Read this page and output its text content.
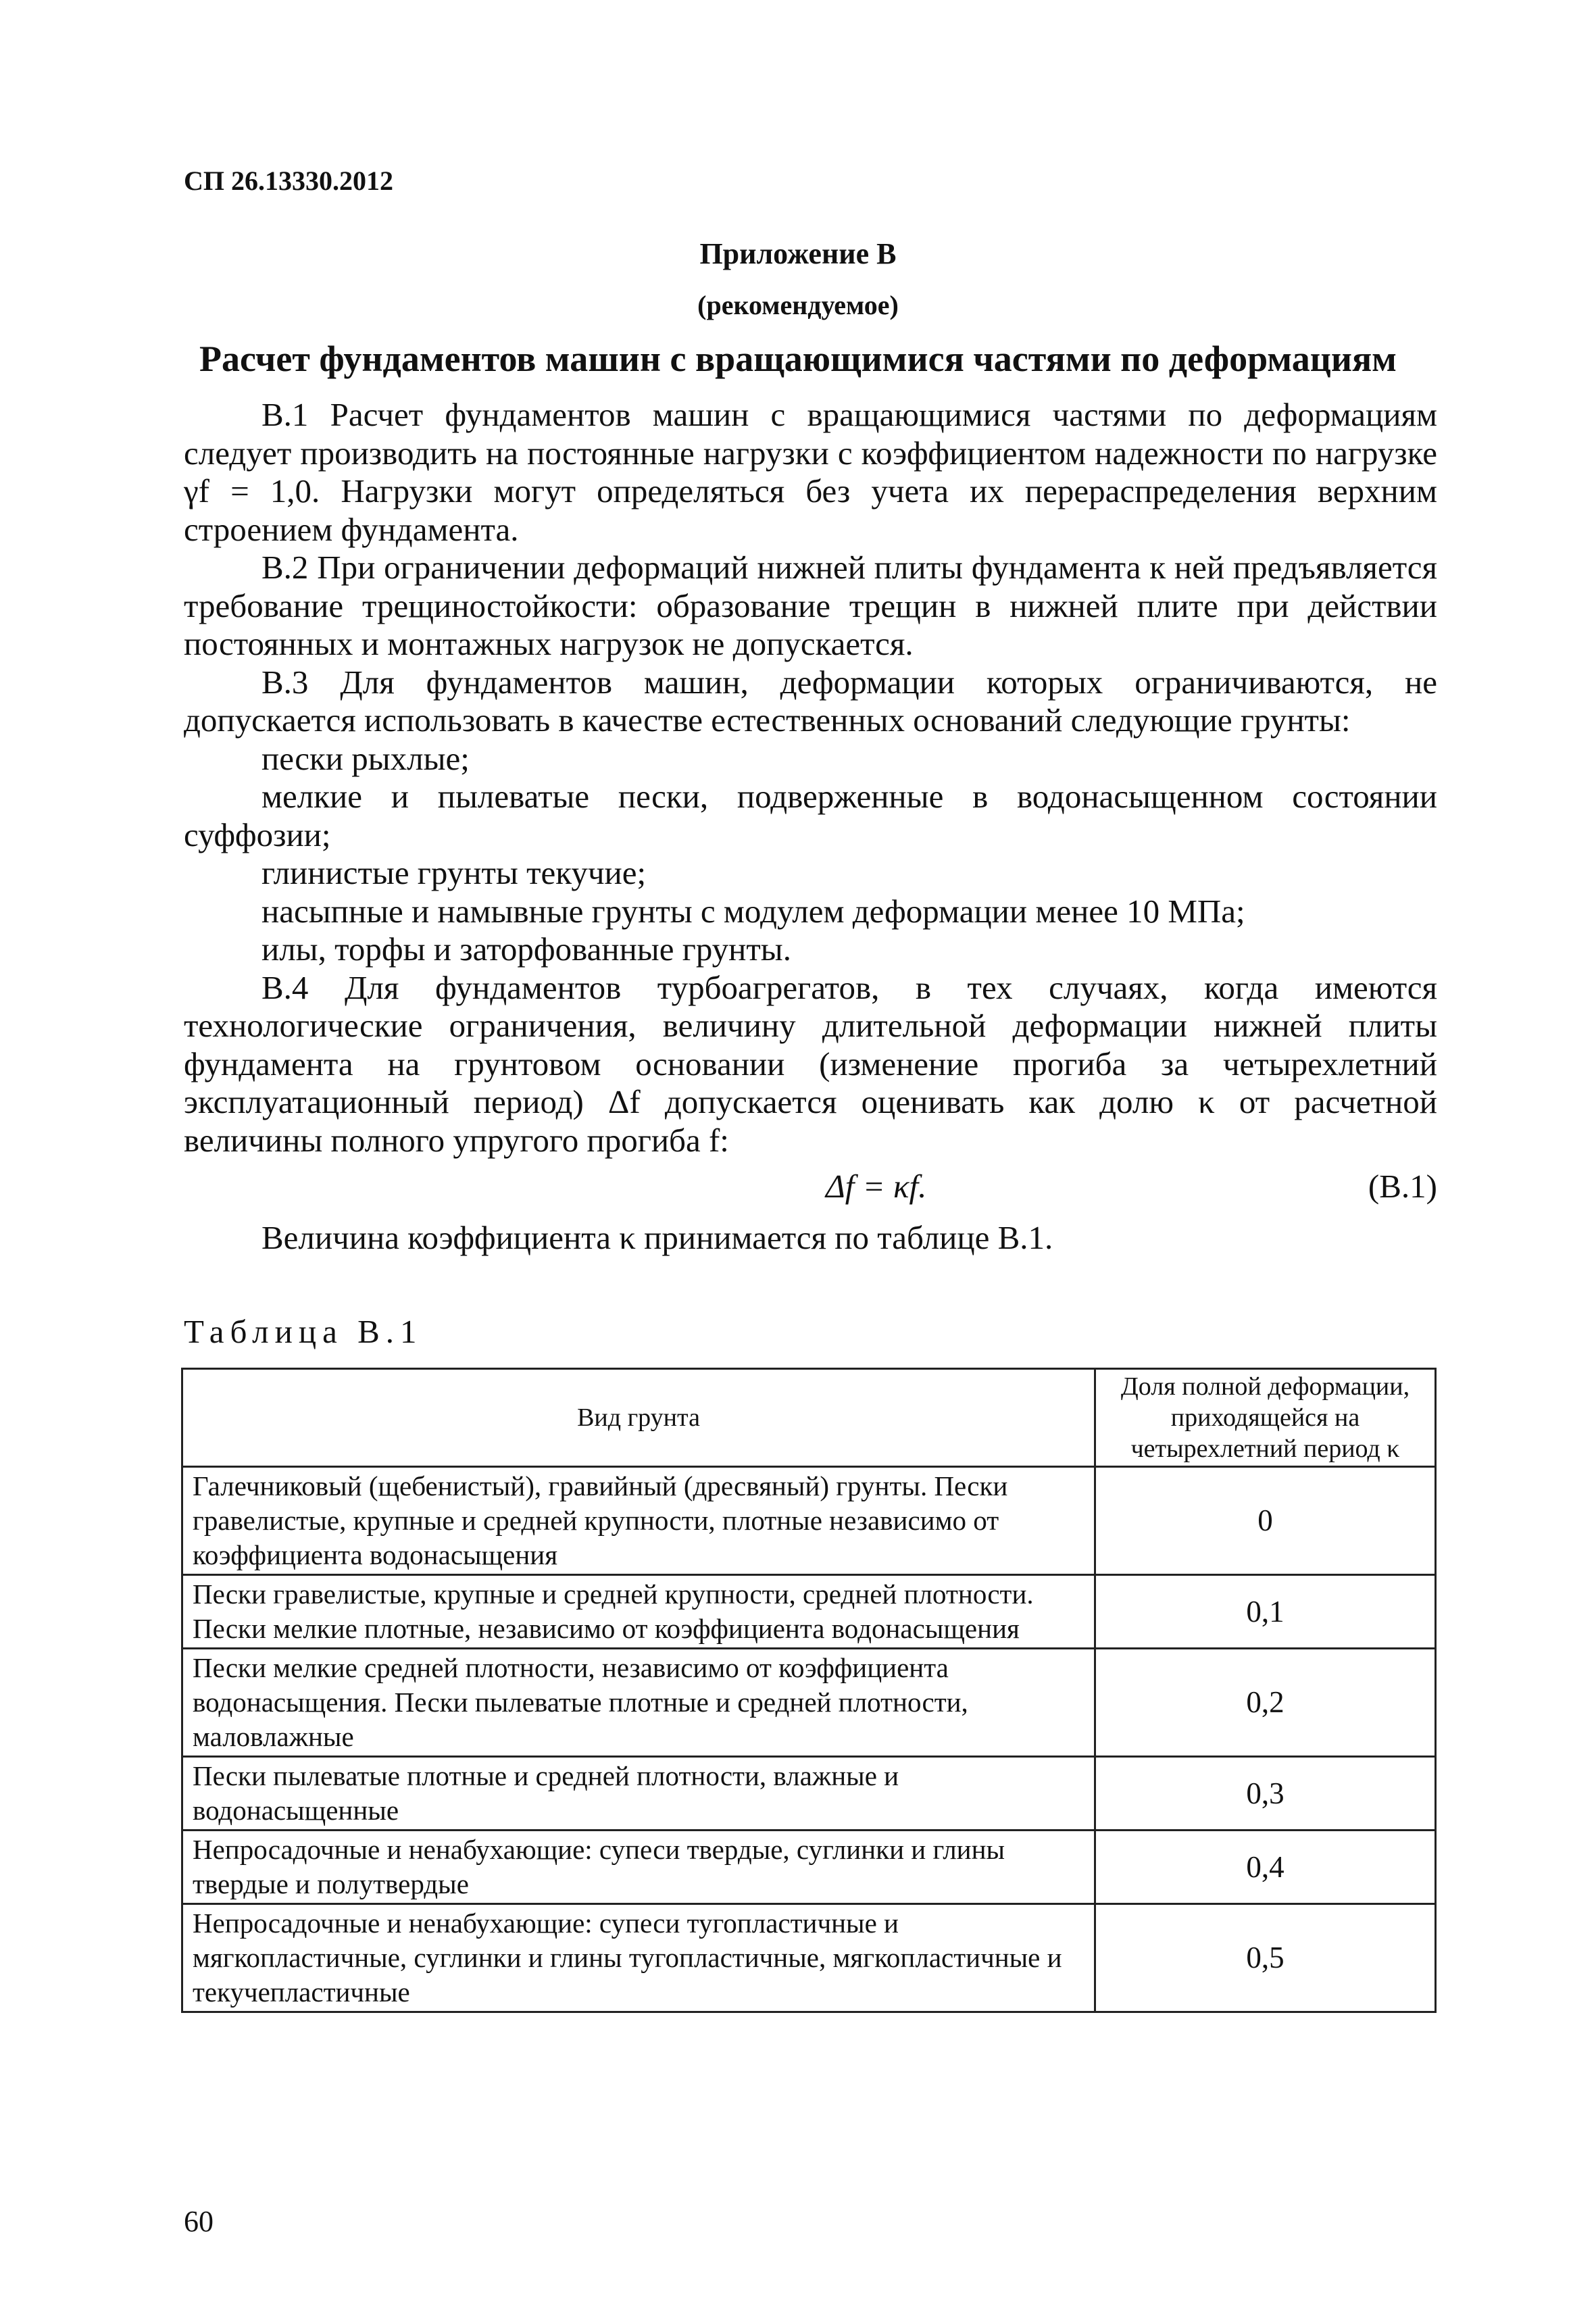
СП 26.13330.2012
Приложение В
(рекомендуемое)
Расчет фундаментов машин с вращающимися частями по деформациям

В.1 Расчет фундаментов машин с вращающимися частями по деформациям следует производить на постоянные нагрузки с коэффициентом надежности по нагрузке γf = 1,0. Нагрузки могут определяться без учета их перераспределения верхним строением фундамента.

В.2 При ограничении деформаций нижней плиты фундамента к ней предъявляется требование трещиностойкости: образование трещин в нижней плите при действии постоянных и монтажных нагрузок не допускается.

В.3 Для фундаментов машин, деформации которых ограничиваются, не допускается использовать в качестве естественных оснований следующие грунты:

пески рыхлые;

мелкие и пылеватые пески, подверженные в водонасыщенном состоянии суффозии;

глинистые грунты текучие;

насыпные и намывные грунты с модулем деформации менее 10 МПа;

илы, торфы и заторфованные грунты.

В.4 Для фундаментов турбоагрегатов, в тех случаях, когда имеются технологические ограничения, величину длительной деформации нижней плиты фундамента на грунтовом основании (изменение прогиба за четырехлетний эксплуатационный период) Δf допускается оценивать как долю κ от расчетной величины полного упругого прогиба f:

Δf = κf.	(В.1)

Величина коэффициента κ принимается по таблице В.1.

Таблица В.1
Вид грунта	Доля полной деформации, приходящейся на четырехлетний период κ
Галечниковый (щебенистый), гравийный (дресвяный) грунты. Пески гравелистые, крупные и средней крупности, плотные независимо от коэффициента водонасыщения	0
Пески гравелистые, крупные и средней крупности, средней плотности. Пески мелкие плотные, независимо от коэффициента водонасыщения	0,1
Пески мелкие средней плотности, независимо от коэффициента водонасыщения. Пески пылеватые плотные и средней плотности, маловлажные	0,2
Пески пылеватые плотные и средней плотности, влажные и водонасыщенные	0,3
Непросадочные и ненабухающие: супеси твердые, суглинки и глины твердые и полутвердые	0,4
Непросадочные и ненабухающие: супеси тугопластичные и мягкопластичные, суглинки и глины тугопластичные, мягкопластичные и текучепластичные	0,5
60
